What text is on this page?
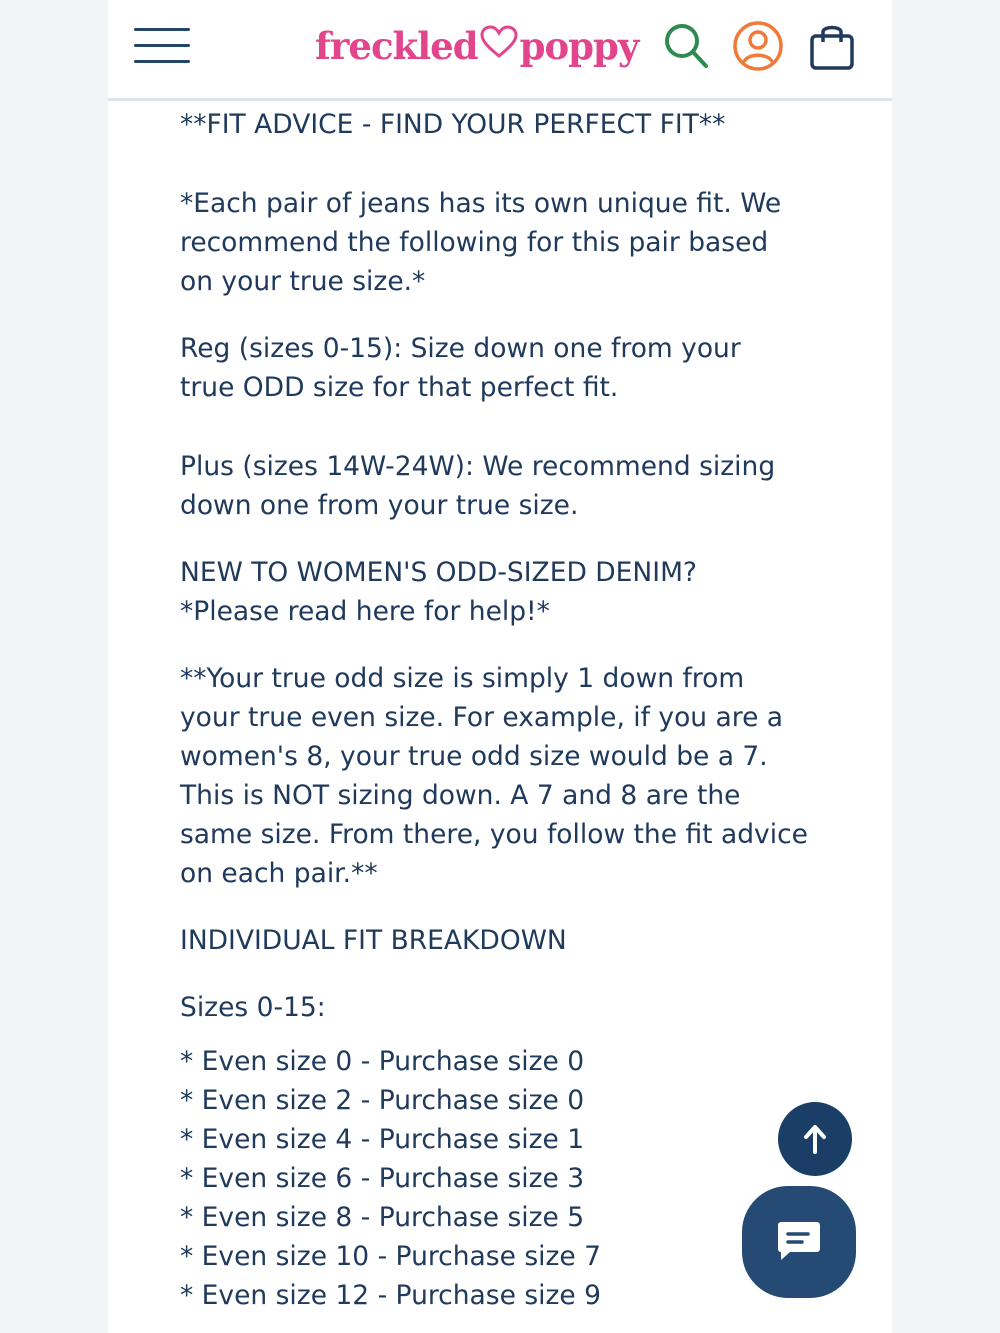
freckled poppy

**FIT ADVICE - FIND YOUR PERFECT FIT**

*Each pair of jeans has its own unique fit. We

recommend the following for this pair based

on your true size.*

Reg (sizes 0-15): Size down one from your

true ODD size for that perfect fit.

Plus (sizes 14W-24W): We recommend sizing

down one from your true size.

NEW TO WOMEN'S ODD-SIZED DENIM?

*Please read here for help!*

**Your true odd size is simply 1 down from

your true even size. For example, if you are a

women's 8, your true odd size would be a 7.

This is NOT sizing down. A 7 and 8 are the

same size. From there, you follow the fit advice

on each pair.**

INDIVIDUAL FIT BREAKDOWN

Sizes 0-15:

* Even size 0 - Purchase size 0

* Even size 2 - Purchase size 0

* Even size 4 - Purchase size 1

* Even size 6 - Purchase size 3

* Even size 8 - Purchase size 5

* Even size 10 - Purchase size 7

* Even size 12 - Purchase size 9
